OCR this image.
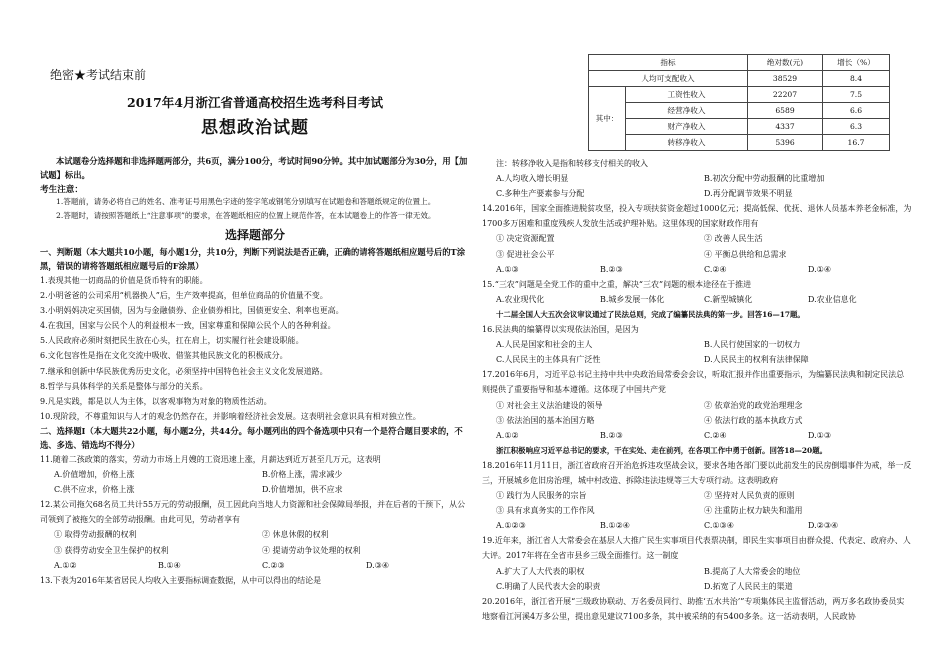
绝密★考试结束前
2017年4月浙江省普通高校招生选考科目考试
思想政治试题
本试题卷分选择题和非选择题两部分，共6页，满分100分，考试时间90分钟。其中加试题部分为30分，用【加试题】标出。
考生注意：
1.答题前，请务必将自己的姓名、准考证号用黑色字迹的签字笔或钢笔分别填写在试题卷和答题纸规定的位置上。
2.答题时，请按照答题纸上“注意事项”的要求，在答题纸相应的位置上规范作答，在本试题卷上的作答一律无效。
选择题部分
一、判断题（本大题共10小题，每小题1分，共10分，判断下列说法是否正确，正确的请将答题纸相应题号后的T涂黑，错误的请将答题纸相应题号后的F涂黑）
1.表现其他一切商品的价值是货币特有的职能。
2.小明爸爸的公司采用“机器换人”后，生产效率提高，但单位商品的价值量不变。
3.小明妈妈决定买国债，因为与金融债券、企业债券相比，国债更安全、利率也更高。
4.在我国，国家与公民个人的利益根本一致，国家尊重和保障公民个人的各种利益。
5.人民政府必须时刻把民生放在心头，扛在肩上，切实履行社会建设职能。
6.文化包容性是指在文化交流中吸收、借鉴其他民族文化的积极成分。
7.继承和创新中华民族优秀历史文化，必须坚持中国特色社会主义文化发展道路。
8.哲学与具体科学的关系是整体与部分的关系。
9.凡是实践，都是以人为主体，以客观事物为对象的物质性活动。
10.现阶段，不尊重知识与人才的观念仍然存在，并影响着经济社会发展。这表明社会意识具有相对独立性。
二、选择题Ⅰ（本大题共22小题，每小题2分，共44分。每小题列出的四个备选项中只有一个是符合题目要求的，不选、多选、错选均不得分）
11.随着二孩政策的落实，劳动力市场上月嫂的工资迅速上涨，月薪达到近万甚至几万元，这表明
A.价值增加，价格上涨	B.价格上涨，需求减少
C.供不应求，价格上涨	D.价值增加，供不应求
12.某公司拖欠68名员工共计55万元的劳动报酬，员工因此向当地人力资源和社会保障局举报，并在后者的干预下，从公司领到了被拖欠的全部劳动报酬。由此可见，劳动者享有
① 取得劳动报酬的权利	② 休息休假的权利
③ 获得劳动安全卫生保护的权利	④ 提请劳动争议处理的权利
A.①②	B.①④	C.②③	D.③④
13.下表为2016年某省居民人均收入主要指标调查数据，从中可以得出的结论是
指标		绝对数(元)	增长（%）
人均可支配收入		38529	8.4
其中：	工资性收入	22207	7.5
	经营净收入	6589	6.6
	财产净收入	4337	6.3
	转移净收入	5396	16.7
注：转移净收入是指和转移支付相关的收入
A.人均收入增长明显	B.初次分配中劳动报酬的比重增加
C.多种生产要素参与分配	D.再分配调节效果不明显
14.2016年，国家全面推进脱贫攻坚，投入专项扶贫资金超过1000亿元；提高低保、优抚、退休人员基本养老金标准，为1700多万困难和重度残疾人发放生活或护理补贴。这里体现的国家财政作用有
① 决定资源配置	② 改善人民生活
③ 促进社会公平	④ 平衡总供给和总需求
A.①③	B.②③	C.②④	D.①④
15.“三农”问题是全党工作的重中之重，解决“三农”问题的根本途径在于推进
A.农业现代化	B.城乡发展一体化	C.新型城镇化	D.农业信息化
十二届全国人大五次会议审议通过了民法总则，完成了编纂民法典的第一步。回答16—17题。
16.民法典的编纂得以实现依法治国，是因为
A.人民是国家和社会的主人	B.人民行使国家的一切权力
C.人民民主的主体具有广泛性	D.人民民主的权利有法律保障
17.2016年6月，习近平总书记主持中共中央政治局常委会会议，听取汇报并作出重要指示，为编纂民法典和制定民法总则提供了重要指导和基本遵循。这体现了中国共产党
① 对社会主义法治建设的领导	② 依章治党的政党治理理念
③ 依法治国的基本治国方略	④ 依法行政的基本执政方式
A.①②	B.②③	C.②④	D.①③
浙江积极响应习近平总书记的要求，干在实处、走在前列，在各项工作中勇于创新。回答18—20题。
18.2016年11月11日，浙江省政府召开治危拆违攻坚战会议，要求各地各部门要以此前发生的民房倒塌事件为戒，举一反三，开展城乡危旧房治理，城中村改造、拆除违法违规等三大专项行动。这表明政府
① 践行为人民服务的宗旨	② 坚持对人民负责的原则
③ 具有求真务实的工作作风	④ 注重防止权力缺失和滥用
A.①②③	B.①②④	C.①③④	D.②③④
19.近年来，浙江省人大常委会在基层人大推广民生实事项目代表票决制，即民生实事项目由群众提、代表定、政府办、人大评。2017年将在全省市县乡三级全面推行。这一制度
A.扩大了人大代表的职权	B.提高了人大常委会的地位
C.明确了人民代表大会的职责	D.拓宽了人民民主的渠道
20.2016年，浙江省开展“三级政协联动、万名委员同行、助推‘五水共治’”专项集体民主监督活动，两万多名政协委员实地察看江河溪4万多公里，提出意见建议7100多条，其中被采纳的有5400多条。这一活动表明，人民政协
